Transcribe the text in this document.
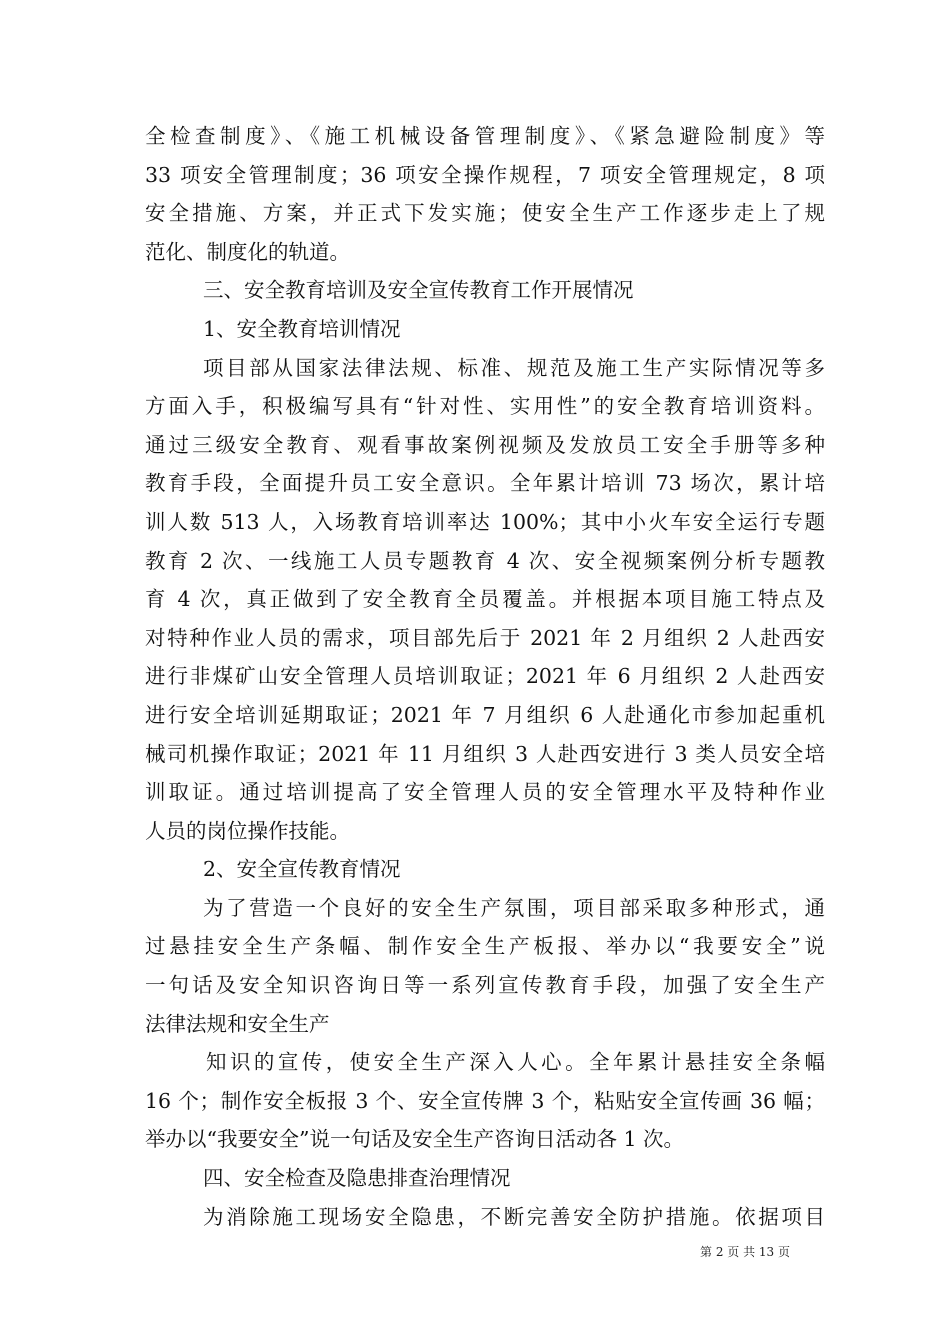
全检查制度》、《施工机械设备管理制度》、《紧急避险制度》等
33 项安全管理制度；36 项安全操作规程，7 项安全管理规定，8 项
安全措施、方案，并正式下发实施；使安全生产工作逐步走上了规
范化、制度化的轨道。
三、安全教育培训及安全宣传教育工作开展情况
1、安全教育培训情况
项目部从国家法律法规、标准、规范及施工生产实际情况等多
方面入手，积极编写具有“针对性、实用性”的安全教育培训资料。
通过三级安全教育、观看事故案例视频及发放员工安全手册等多种
教育手段，全面提升员工安全意识。全年累计培训 73 场次，累计培
训人数 513 人，入场教育培训率达 100%；其中小火车安全运行专题
教育 2 次、一线施工人员专题教育 4 次、安全视频案例分析专题教
育 4 次，真正做到了安全教育全员覆盖。并根据本项目施工特点及
对特种作业人员的需求，项目部先后于 2021 年 2 月组织 2 人赴西安
进行非煤矿山安全管理人员培训取证；2021 年 6 月组织 2 人赴西安
进行安全培训延期取证；2021 年 7 月组织 6 人赴通化市参加起重机
械司机操作取证；2021 年 11 月组织 3 人赴西安进行 3 类人员安全培
训取证。通过培训提高了安全管理人员的安全管理水平及特种作业
人员的岗位操作技能。
2、安全宣传教育情况
为了营造一个良好的安全生产氛围，项目部采取多种形式，通
过悬挂安全生产条幅、制作安全生产板报、举办以“我要安全”说
一句话及安全知识咨询日等一系列宣传教育手段，加强了安全生产
法律法规和安全生产
知识的宣传，使安全生产深入人心。全年累计悬挂安全条幅
16 个；制作安全板报 3 个、安全宣传牌 3 个，粘贴安全宣传画 36 幅；
举办以“我要安全”说一句话及安全生产咨询日活动各 1 次。
四、安全检查及隐患排查治理情况
为消除施工现场安全隐患，不断完善安全防护措施。依据项目
第 2 页 共 13 页
